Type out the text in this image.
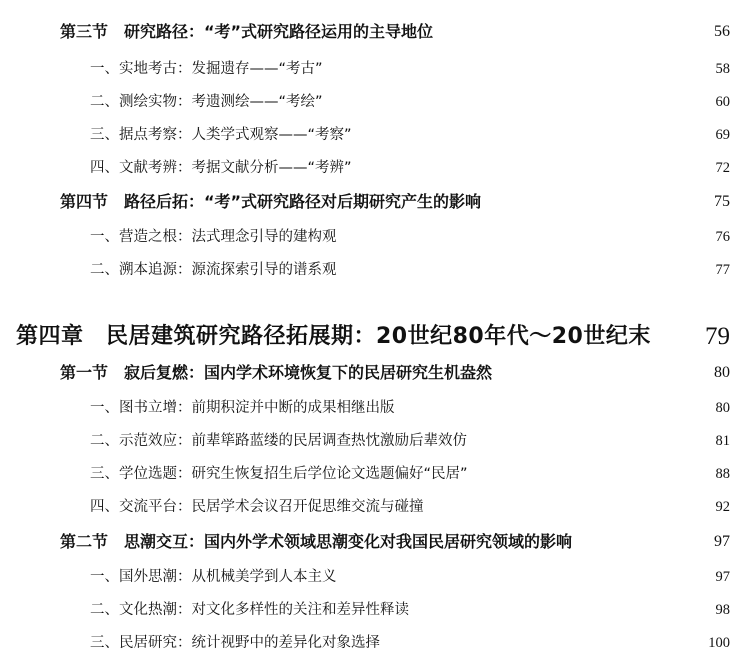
第三节　研究路径：“考”式研究路径运用的主导地位	56
一、实地考古：发掘遗存——“考古”	58
二、测绘实物：考遗测绘——“考绘”	60
三、据点考察：人类学式观察——“考察”	69
四、文献考辨：考据文献分析——“考辨”	72
第四节　路径后拓：“考”式研究路径对后期研究产生的影响	75
一、营造之根：法式理念引导的建构观	76
二、溯本追源：源流探索引导的谱系观	77
第四章　民居建筑研究路径拓展期：20世纪80年代～20世纪末 79
第一节　寂后复燃：国内学术环境恢复下的民居研究生机盎然	80
一、图书立增：前期积淀并中断的成果相继出版	80
二、示范效应：前辈筚路蓝缕的民居调查热忱激励后辈效仿	81
三、学位选题：研究生恢复招生后学位论文选题偏好“民居”	88
四、交流平台：民居学术会议召开促思维交流与碰撞	92
第二节　思潮交互：国内外学术领域思潮变化对我国民居研究领域的影响	97
一、国外思潮：从机械美学到人本主义	97
二、文化热潮：对文化多样性的关注和差异性释读	98
三、民居研究：统计视野中的差异化对象选择	100
